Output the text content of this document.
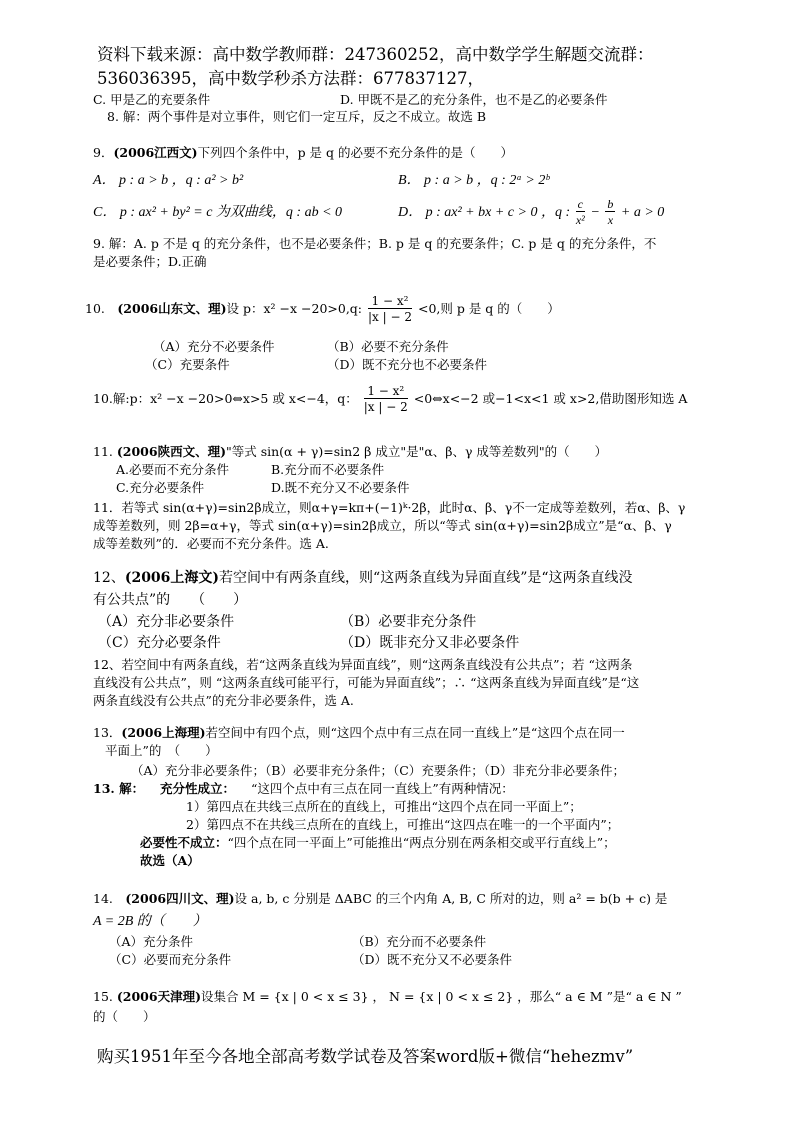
资料下载来源：高中数学教师群：247360252，高中数学学生解题交流群：
536036395，高中数学秒杀方法群：677837127，
C. 甲是乙的充要条件	D. 甲既不是乙的充分条件，也不是乙的必要条件
8. 解：两个事件是对立事件，则它们一定互斥，反之不成立。故选 B
9．(2006江西文)下列四个条件中，p 是 q 的必要不充分条件的是（　　）
A． p : a > b ，q : a² > b²	B． p : a > b ，q : 2ᵃ > 2ᵇ
C． p : ax² + by² = c 为双曲线，q : ab < 0	D． p : ax² + bx + c > 0 ，q : $\frac{c}{\text{x²}} - \frac{b}{x} + a > 0$
9. 解：A. p 不是 q 的充分条件，也不是必要条件；B. p 是 q 的充要条件；C. p 是 q 的充分条件，不
是必要条件；D.正确
10.　(2006山东文、理)设 p：x² −x −20>0,q: $\frac{\text{1 − x²}}{|x | - 2} <0$,则 p 是 q 的（　　）
（A）充分不必要条件	（B）必要不充分条件
（C）充要条件	（D）既不充分也不必要条件
10.解:p：x² −x −20>0⇔x>5 或 x<−4，q： $\frac{\text{1 − x²}}{|x | - 2}$ <0⇔x<−2 或−1<x<1 或 x>2,借助图形知选 A
11. (2006陕西文、理)"等式 sin(α + γ)=sin2 β 成立"是"α、β、γ 成等差数列"的（　　）
A.必要而不充分条件	B.充分而不必要条件
C.充分必要条件	D.既不充分又不必要条件
11．若等式 sin(α+γ)=sin2β成立，则α+γ=kπ+(−1)ᵏ·2β，此时α、β、γ不一定成等差数列，若α、β、γ
成等差数列，则 2β=α+γ，等式 sin(α+γ)=sin2β成立，所以“等式 sin(α+γ)=sin2β成立”是“α、β、γ
成等差数列”的．必要而不充分条件。选 A.
12、(2006上海文)若空间中有两条直线，则“这两条直线为异面直线”是“这两条直线没
有公共点”的　　（　　）
（A）充分非必要条件	（B）必要非充分条件
（C）充分必要条件	（D）既非充分又非必要条件
12、若空间中有两条直线，若“这两条直线为异面直线”，则“这两条直线没有公共点”；若 “这两条
直线没有公共点”，则 “这两条直线可能平行，可能为异面直线”；∴ “这两条直线为异面直线”是“这
两条直线没有公共点”的充分非必要条件，选 A.
13．(2006上海理)若空间中有四个点，则“这四个点中有三点在同一直线上”是“这四个点在同一
平面上”的　（　　）
（A）充分非必要条件；（B）必要非充分条件；（C）充要条件；（D）非充分非必要条件；
13. 解： 充分性成立： “这四个点中有三点在同一直线上”有两种情况：
1）第四点在共线三点所在的直线上，可推出“这四个点在同一平面上”；
2）第四点不在共线三点所在的直线上，可推出“这四点在唯一的一个平面内”；
必要性不成立：“四个点在同一平面上”可能推出“两点分别在两条相交或平行直线上”；
故选（A）
14.　(2006四川文、理)设 a, b, c 分别是 ΔABC 的三个内角 A, B, C 所对的边，则 a² = b(b + c) 是
A = 2B 的（　　）
（A）充分条件	（B）充分而不必要条件
（C）必要而充分条件	（D）既不充分又不必要条件
15. (2006天津理)设集合 M = {x | 0 < x ≤ 3} ， N = {x | 0 < x ≤ 2} ，那么“ a ∈ M ”是“ a ∈ N ”
的（　　）
购买1951年至今各地全部高考数学试卷及答案word版+微信“hehezmv”
